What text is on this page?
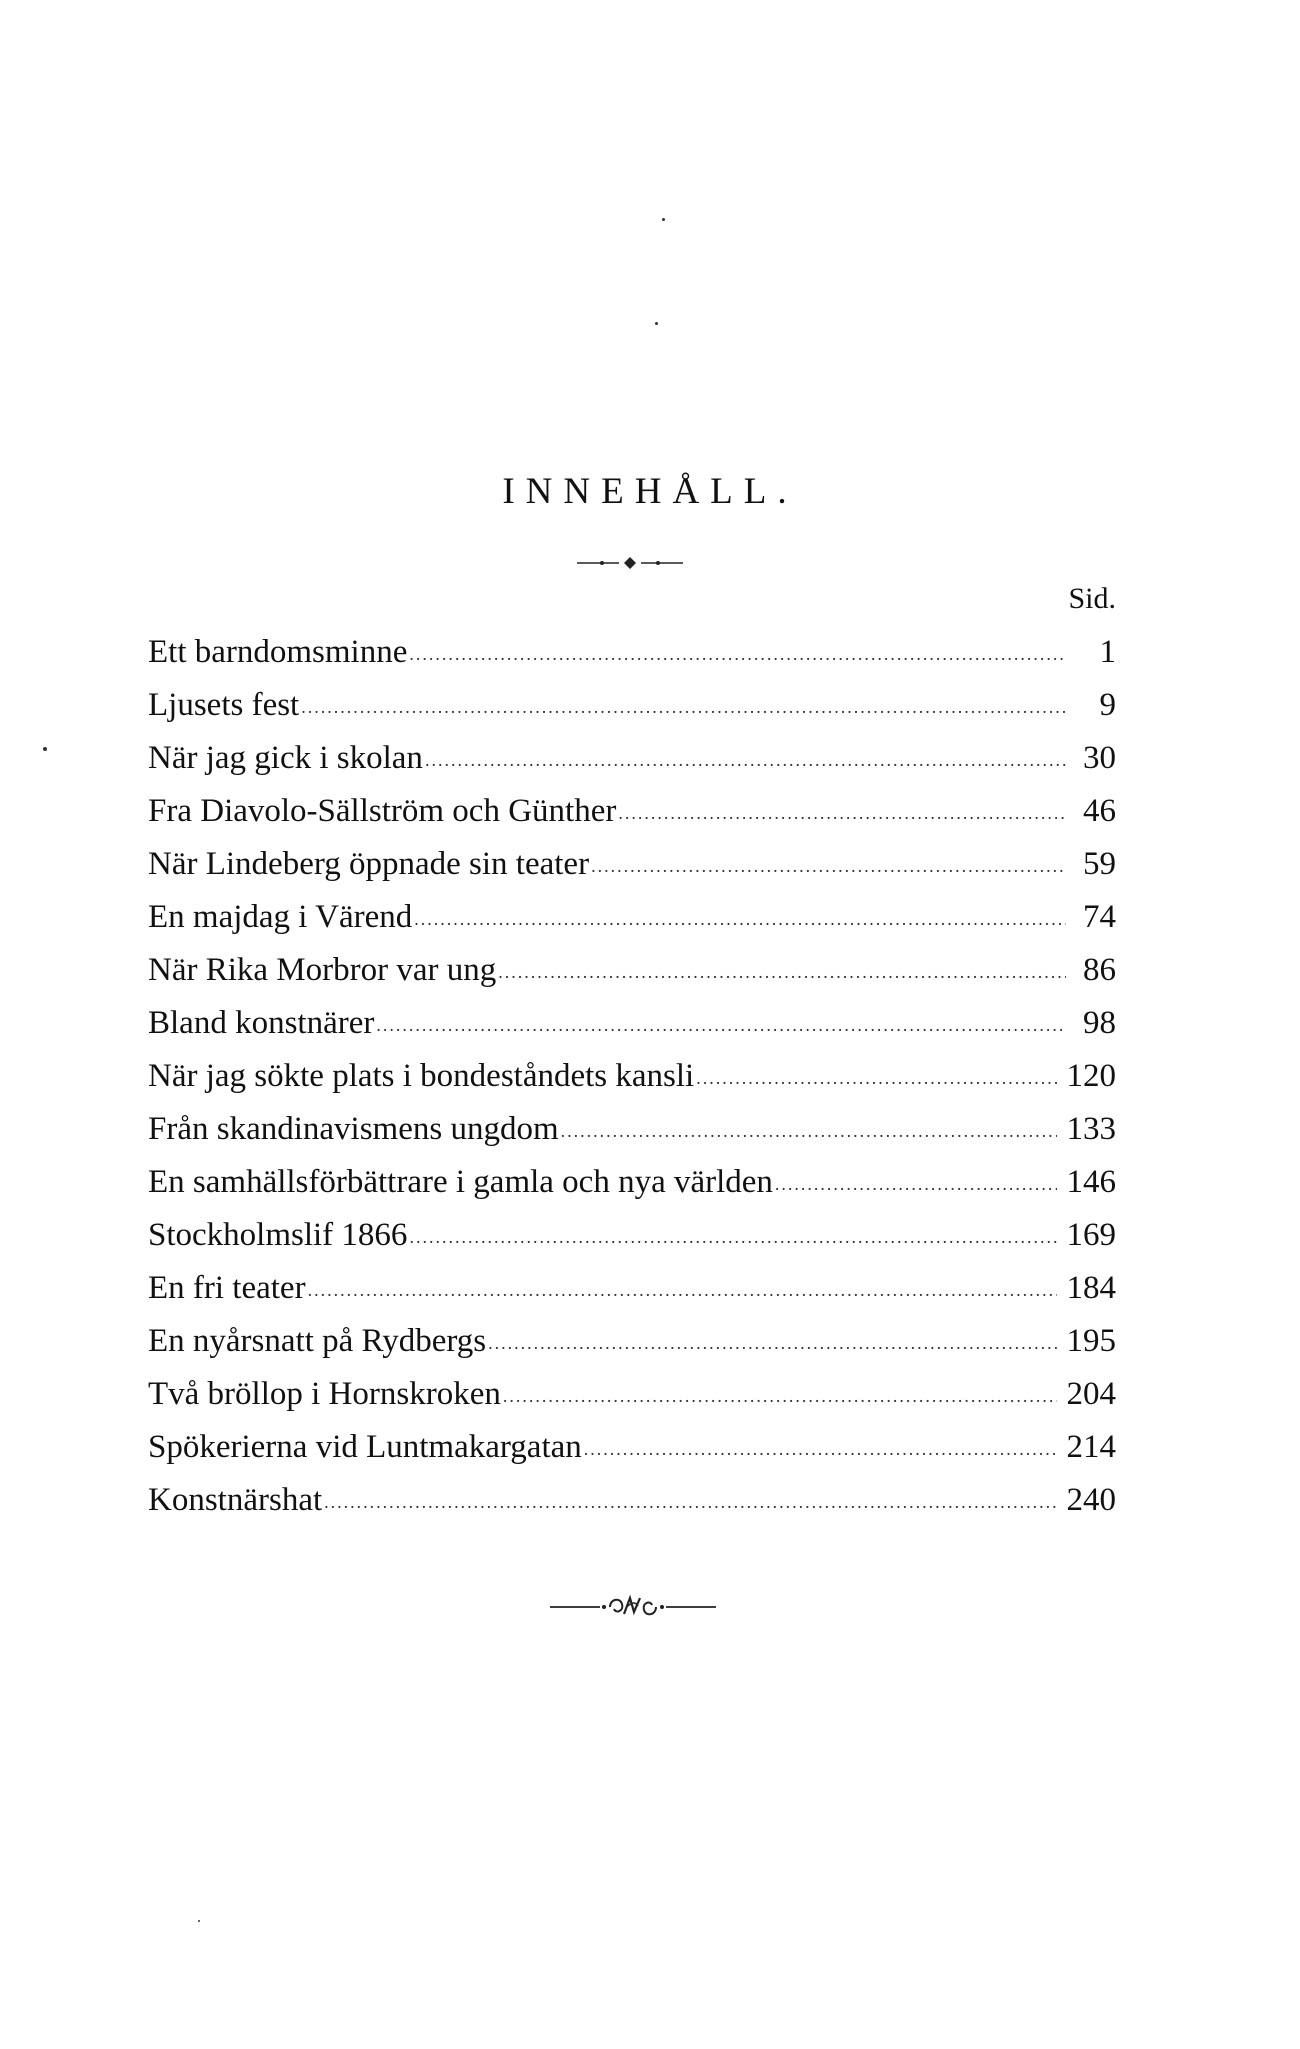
INNEHÅLL.
Sid.
Ett barndomsminne .....	1
Ljusets fest .....	9
När jag gick i skolan .....	30
Fra Diavolo-Sällström och Günther .....	46
När Lindeberg öppnade sin teater .....	59
En majdag i Värend .....	74
När Rika Morbror var ung .....	86
Bland konstnärer .....	98
När jag sökte plats i bondeståndets kansli .....	120
Från skandinavismens ungdom .....	133
En samhällsförbättrare i gamla och nya världen .....	146
Stockholmslif 1866 .....	169
En fri teater .....	184
En nyårsnatt på Rydbergs .....	195
Två bröllop i Hornskroken .....	204
Spökerierna vid Luntmakargatan .....	214
Konstnärshat .....	240
